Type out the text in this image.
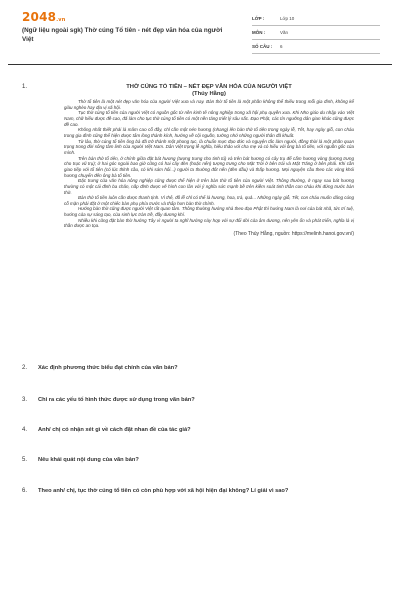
2048.vn
(Ngữ liệu ngoài sgk) Thờ cúng Tổ tiên - nét đẹp văn hóa của người Việt
LỚP :	Lớp 10
MÔN :	Văn
SỐ CÂU :	6
1.	THỜ CÚNG TỔ TIÊN – NÉT ĐẸP VĂN HÓA CỦA NGƯỜI VIỆT
(Thúy Hằng)

Thờ tổ tiên là một nét đẹp văn hóa của người Việt xưa và nay. Bàn thờ tổ tiên là một phần không thể thiếu trong mỗi gia đình, không kể giàu nghèo hay địa vị xã hội.

Tục thờ cúng tổ tiên của người Việt có nguồn gốc từ nền kinh tế nông nghiệp trong xã hội phụ quyền xưa. Khi Nho giáo du nhập vào Việt Nam, chữ hiếu được đề cao, đã làm cho tục thờ cúng tổ tiên có một nền tảng triết lý sâu sắc. Đạo Phật, các tín ngưỡng dân gian khác cũng được đề cao.

Không nhất thiết phải là mâm cao cỗ đầy, chỉ cần một nén hương (nhang) lên bàn thờ tổ tiên trong ngày lễ, Tết, hay ngày giỗ, con cháu trong gia đình cũng thể hiện được tấm lòng thành kính, hướng về cội nguồn, tưởng nhớ những người thân đã khuất.

Từ lâu, thờ cúng tổ tiên ông bà đã trở thành một phong tục, là chuẩn mực đạo đức và nguyện tắc làm người, đồng thời là một phần quan trọng trong đời sống tâm linh của người Việt Nam. Dân Việt trọng lễ nghĩa, hiếu thảo với cha mẹ và có hiếu với ông bà tổ tiên, với nguồn gốc của mình.

Trên bàn thờ tổ tiên, ở chính giữa đặt bát hương (tượng trưng cho tinh tú) và trên bát hương có cây trụ để cắm hương vòng (tượng trưng cho trục vũ trụ); ở hai góc ngoài bao giờ cũng có hai cây đèn (hoặc nến) tượng trưng cho Mặt Trời ở bên trái và Mặt Trăng ở bên phải. Khi cần giao tiếp với tổ tiên (có lúc thỉnh cầu, có khi sám hối...) người ta thường đốt nến (đèn dầu) và thắp hương. Mọi nguyện cầu theo các vòng khói hương chuyển đến ông bà tổ tiên.

Đặc trưng của văn hóa nông nghiệp cũng được thể hiện ở trên bàn thờ tổ tiên của người Việt. Thông thường, ở ngay sau bát hương thường có một cái đỉnh ba chân, nắp đỉnh được vẽ hình con lân với ý nghĩa sức mạnh bề trên kiềm soát tinh thần con cháu khi đứng trước bàn thờ.

Bàn thờ tổ tiên luôn cần được thanh tịnh. Vì thế, đồ lễ chỉ có thể là hương, hoa, trà, quả... Những ngày giỗ, Tết, con cháu muốn dâng cúng cỗ mặn phải đặt ở một chiếc bàn phụ phía trước và thấp hơn bàn thờ chính.

Hướng bàn thờ cũng được người Việt rất quan tâm. Thông thường hướng nhà theo đạo Phật thì hướng Nam là nơi của bát nhã, tức trí tuệ, hướng của sự sáng tạo, của sinh lực tràn trề, đầy dương khí.

Nhiều khi cũng đặt bàn thờ hướng Tây vì người ta nghĩ hướng này hợp với sự đổi dời của âm dương, nên yên ổn và phát triển, nghĩa là vị thần được an tọa.

(Theo Thúy Hằng, nguồn: https://melinh.hanoi.gov.vn/)
2. Xác định phương thức biểu đạt chính của văn bản?
3. Chỉ ra các yếu tố hình thức được sử dụng trong văn bản?
4. Anh/ chị có nhận xét gì về cách đặt nhan đề của tác giả?
5. Nêu khái quát nội dung của văn bản?
6. Theo anh/ chị, tục thờ cúng tổ tiên có còn phù hợp với xã hội hiện đại không? Lí giải vì sao?
